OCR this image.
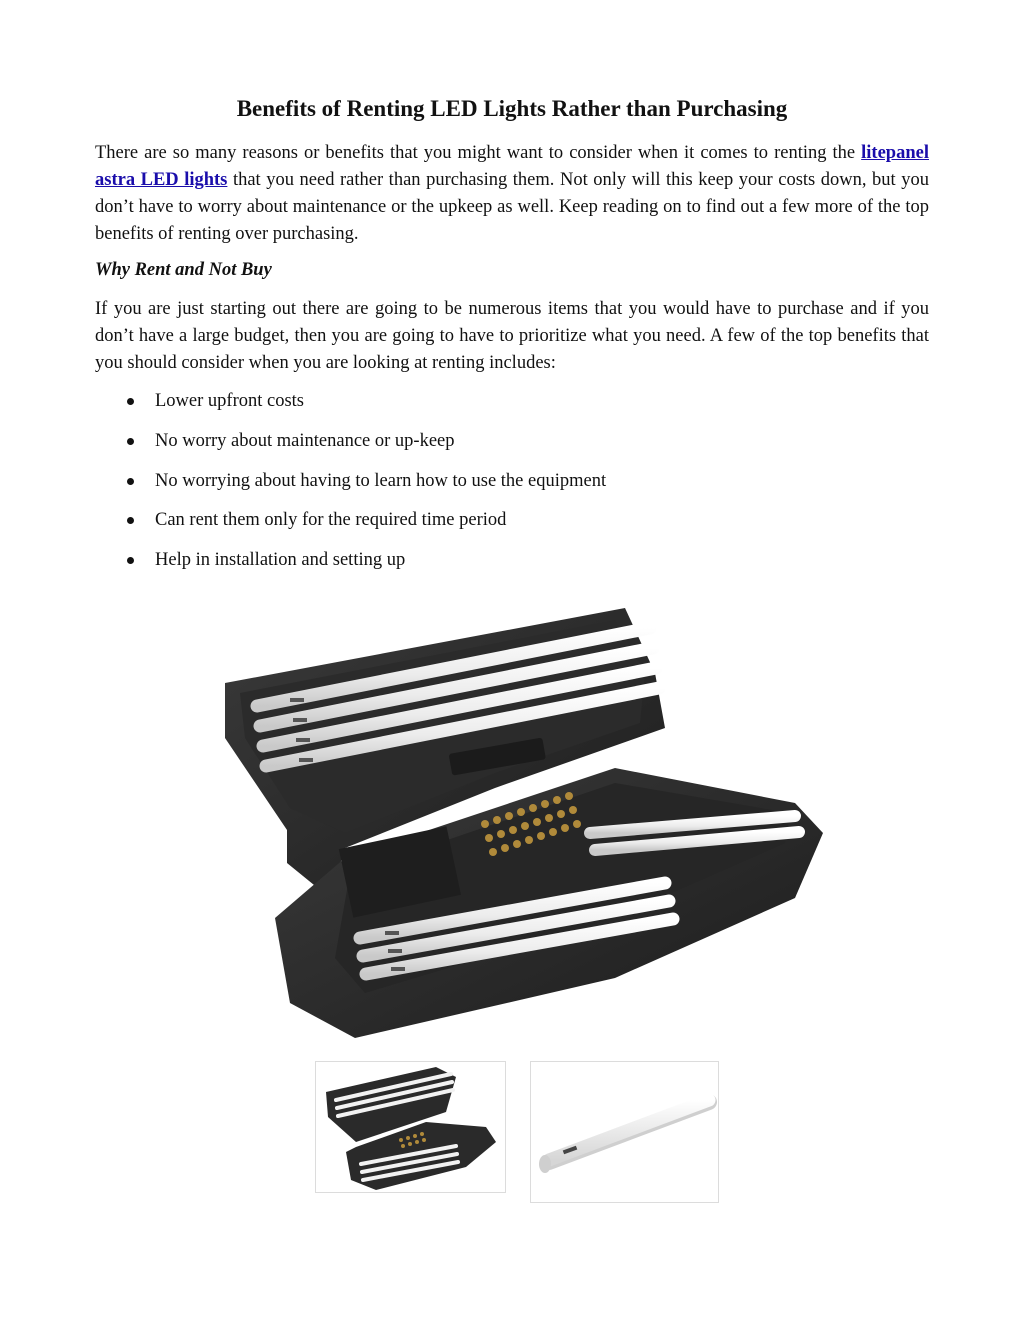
Benefits of Renting LED Lights Rather than Purchasing

There are so many reasons or benefits that you might want to consider when it comes to renting the litepanel astra LED lights that you need rather than purchasing them. Not only will this keep your costs down, but you don’t have to worry about maintenance or the upkeep as well. Keep reading on to find out a few more of the top benefits of renting over purchasing.

Why Rent and Not Buy

If you are just starting out there are going to be numerous items that you would have to purchase and if you don’t have a large budget, then you are going to have to prioritize what you need. A few of the top benefits that you should consider when you are looking at renting includes:

Lower upfront costs
No worry about maintenance or up-keep
No worrying about having to learn how to use the equipment
Can rent them only for the required time period
Help in installation and setting up
